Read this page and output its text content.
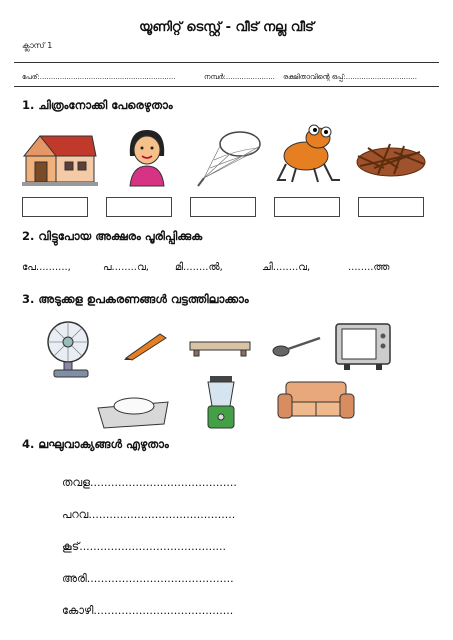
യൂണിറ്റ് ടെസ്റ്റ് - വീട് നല്ല വീട്
ക്ലാസ് 1
പേര്:.............................................................	നമ്പർ:...................... രക്ഷിതാവിന്റെ ഒപ്പ്:................................
1. ചിത്രംനോക്കി പേരെഴുതാം
2. വിട്ടുപോയ അക്ഷരം പൂരിപ്പിക്കുക
പേ..........,	പ........വ,	മി........ൽ,	ചി........വ,	........ത്ത
3. അടുക്കള ഉപകരണങ്ങൾ വട്ടത്തിലാക്കാം
4. ലഘുവാക്യങ്ങൾ എഴുതാം
തവള..........................................
പറവ..........................................
കൂട്..........................................
അരി..........................................
കോഴി........................................
